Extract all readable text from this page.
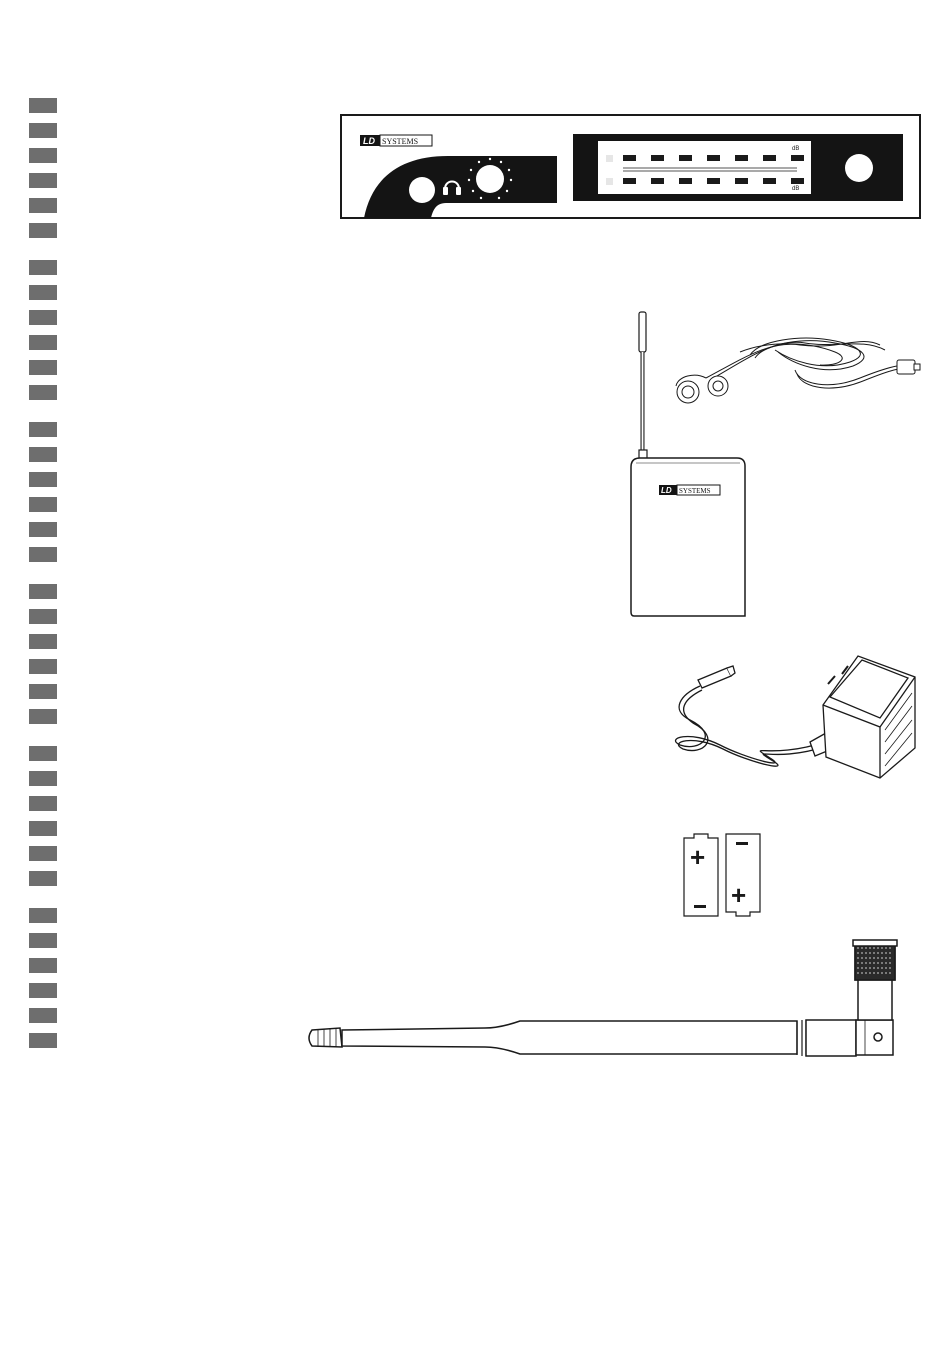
LD SYSTEMS
dB
dB
LD SYSTEMS
+
+
